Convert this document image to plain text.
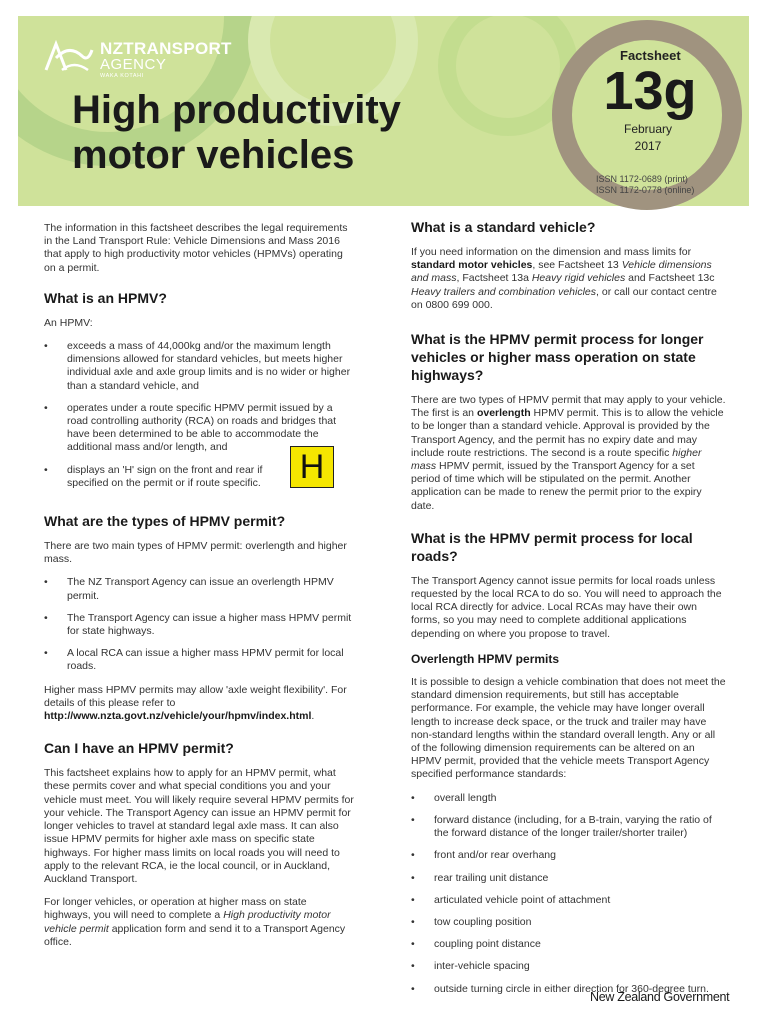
NZTRANSPORT
AGENCY
WAKA KOTAHI
High productivity
motor vehicles
Factsheet
13g
February
2017
ISSN 1172-0689 (print)
ISSN 1172-0778 (online)

The information in this factsheet describes the legal requirements in the Land Transport Rule: Vehicle Dimensions and Mass 2016 that apply to high productivity motor vehicles (HPMVs) operating on a permit.

What is an HPMV?

An HPMV:

• exceeds a mass of 44,000kg and/or the maximum length dimensions allowed for standard vehicles, but meets higher individual axle and axle group limits and is no wider or higher than a standard vehicle, and
• operates under a route specific HPMV permit issued by a road controlling authority (RCA) on roads and bridges that have been determined to be able to accommodate the additional mass and/or length, and
• displays an 'H' sign on the front and rear if specified on the permit or if route specific.
What are the types of HPMV permit?

There are two main types of HPMV permit: overlength and higher mass.

• The NZ Transport Agency can issue an overlength HPMV permit.
• The Transport Agency can issue a higher mass HPMV permit for state highways.
• A local RCA can issue a higher mass HPMV permit for local roads.

Higher mass HPMV permits may allow 'axle weight flexibility'. For details of this please refer to http://www.nzta.govt.nz/vehicle/your/hpmv/index.html.

Can I have an HPMV permit?

This factsheet explains how to apply for an HPMV permit, what these permits cover and what special conditions you and your vehicle must meet. You will likely require several HPMV permits for your vehicle. The Transport Agency can issue an HPMV permit for longer vehicles to travel at standard legal axle mass. It can also issue HPMV permits for higher axle mass on specific state highways. For higher mass limits on local roads you will need to apply to the relevant RCA, ie the local council, or in Auckland, Auckland Transport.

For longer vehicles, or operation at higher mass on state highways, you will need to complete a High productivity motor vehicle permit application form and send it to a Transport Agency office.

H
What is a standard vehicle?

If you need information on the dimension and mass limits for standard motor vehicles, see Factsheet 13 Vehicle dimensions and mass, Factsheet 13a Heavy rigid vehicles and Factsheet 13c Heavy trailers and combination vehicles, or call our contact centre on 0800 699 000.

What is the HPMV permit process for longer vehicles or higher mass operation on state highways?

There are two types of HPMV permit that may apply to your vehicle. The first is an overlength HPMV permit. This is to allow the vehicle to be longer than a standard vehicle. Approval is provided by the Transport Agency, and the permit has no expiry date and may include route restrictions. The second is a route specific higher mass HPMV permit, issued by the Transport Agency for a set period of time which will be stipulated on the permit. Another application can be made to renew the permit prior to the expiry date.

What is the HPMV permit process for local roads?

The Transport Agency cannot issue permits for local roads unless requested by the local RCA to do so. You will need to approach the local RCA directly for advice. Local RCAs may have their own forms, so you may need to complete additional applications depending on where you propose to travel.

Overlength HPMV permits

It is possible to design a vehicle combination that does not meet the standard dimension requirements, but still has acceptable performance. For example, the vehicle may have longer overall length to increase deck space, or the truck and trailer may have non-standard lengths within the standard overall length. Any or all of the following dimension requirements can be altered on an HPMV permit, provided that the vehicle meets Transport Agency specified performance standards:

• overall length
• forward distance (including, for a B-train, varying the ratio of the forward distance of the longer trailer/shorter trailer)
• front and/or rear overhang
• rear trailing unit distance
• articulated vehicle point of attachment
• tow coupling position
• coupling point distance
• inter-vehicle spacing
• outside turning circle in either direction for 360-degree turn.
New Zealand Government
